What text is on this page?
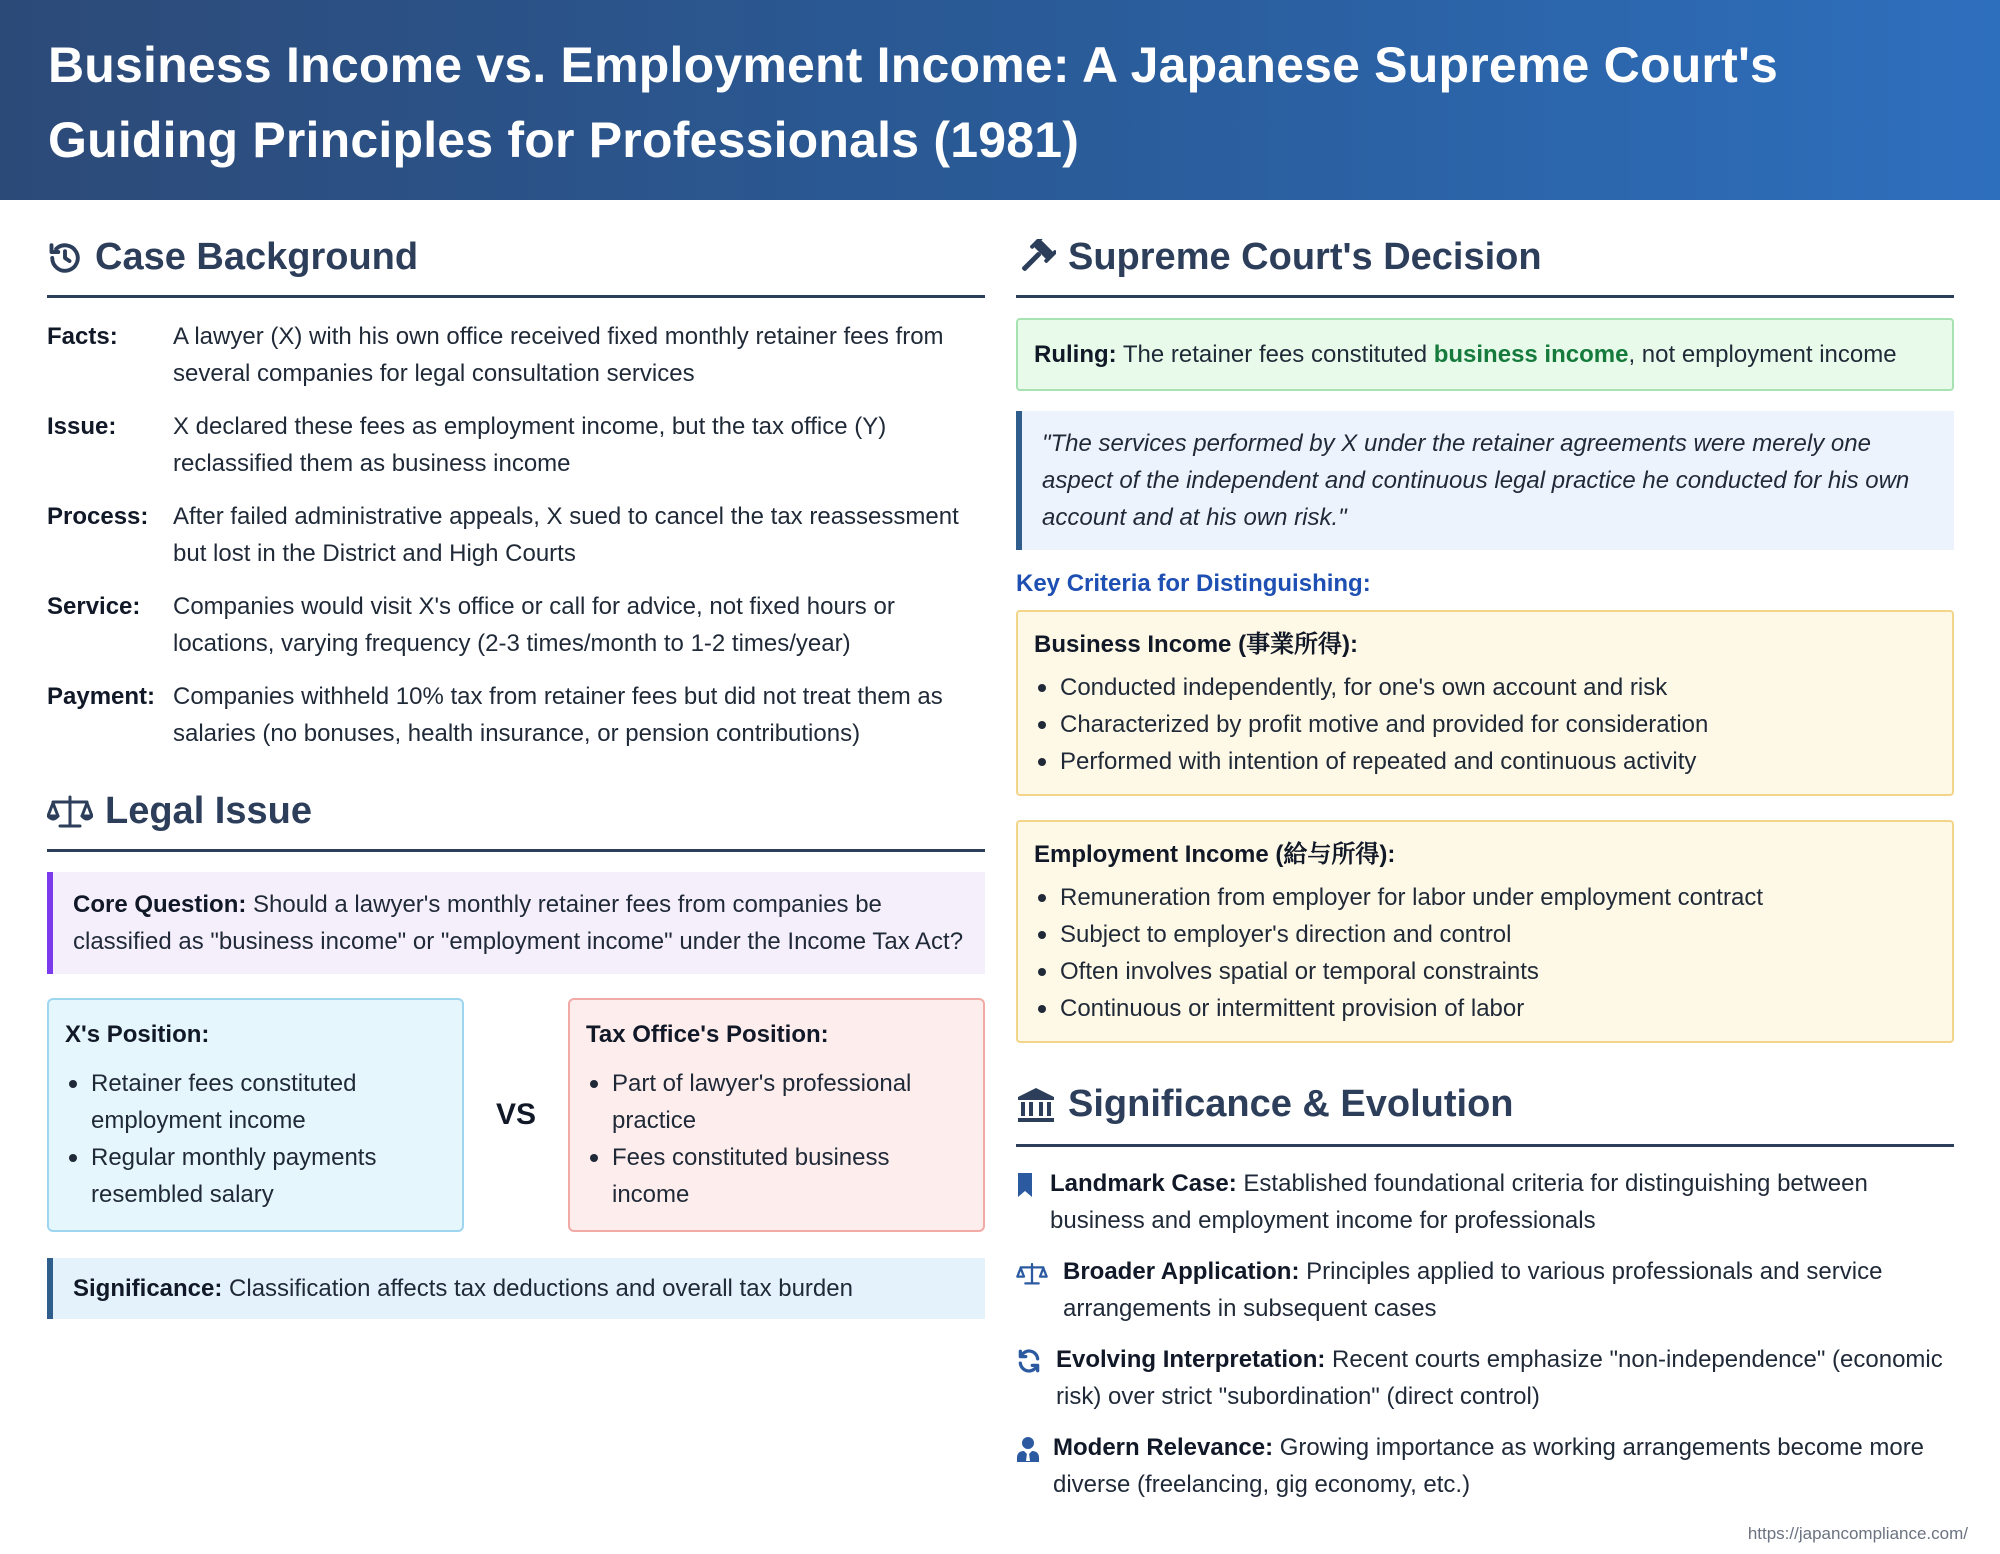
Business Income vs. Employment Income: A Japanese Supreme Court's Guiding Principles for Professionals (1981)
Case Background
Facts:	A lawyer (X) with his own office received fixed monthly retainer fees from several companies for legal consultation services
Issue:	X declared these fees as employment income, but the tax office (Y) reclassified them as business income
Process:	After failed administrative appeals, X sued to cancel the tax reassessment but lost in the District and High Courts
Service:	Companies would visit X's office or call for advice, not fixed hours or locations, varying frequency (2-3 times/month to 1-2 times/year)
Payment: Companies withheld 10% tax from retainer fees but did not treat them as salaries (no bonuses, health insurance, or pension contributions)
Legal Issue
Core Question: Should a lawyer's monthly retainer fees from companies be classified as "business income" or "employment income" under the Income Tax Act?
X's Position:
Retainer fees constituted employment income
Regular monthly payments resembled salary
VS
Tax Office's Position:
Part of lawyer's professional practice
Fees constituted business income
Significance: Classification affects tax deductions and overall tax burden
Supreme Court's Decision
Ruling: The retainer fees constituted business income, not employment income
"The services performed by X under the retainer agreements were merely one aspect of the independent and continuous legal practice he conducted for his own account and at his own risk."
Key Criteria for Distinguishing:
Business Income (事業所得):
Conducted independently, for one's own account and risk
Characterized by profit motive and provided for consideration
Performed with intention of repeated and continuous activity
Employment Income (給与所得):
Remuneration from employer for labor under employment contract
Subject to employer's direction and control
Often involves spatial or temporal constraints
Continuous or intermittent provision of labor
Significance & Evolution
Landmark Case: Established foundational criteria for distinguishing between business and employment income for professionals
Broader Application: Principles applied to various professionals and service arrangements in subsequent cases
Evolving Interpretation: Recent courts emphasize "non-independence" (economic risk) over strict "subordination" (direct control)
Modern Relevance: Growing importance as working arrangements become more diverse (freelancing, gig economy, etc.)
https://japancompliance.com/
